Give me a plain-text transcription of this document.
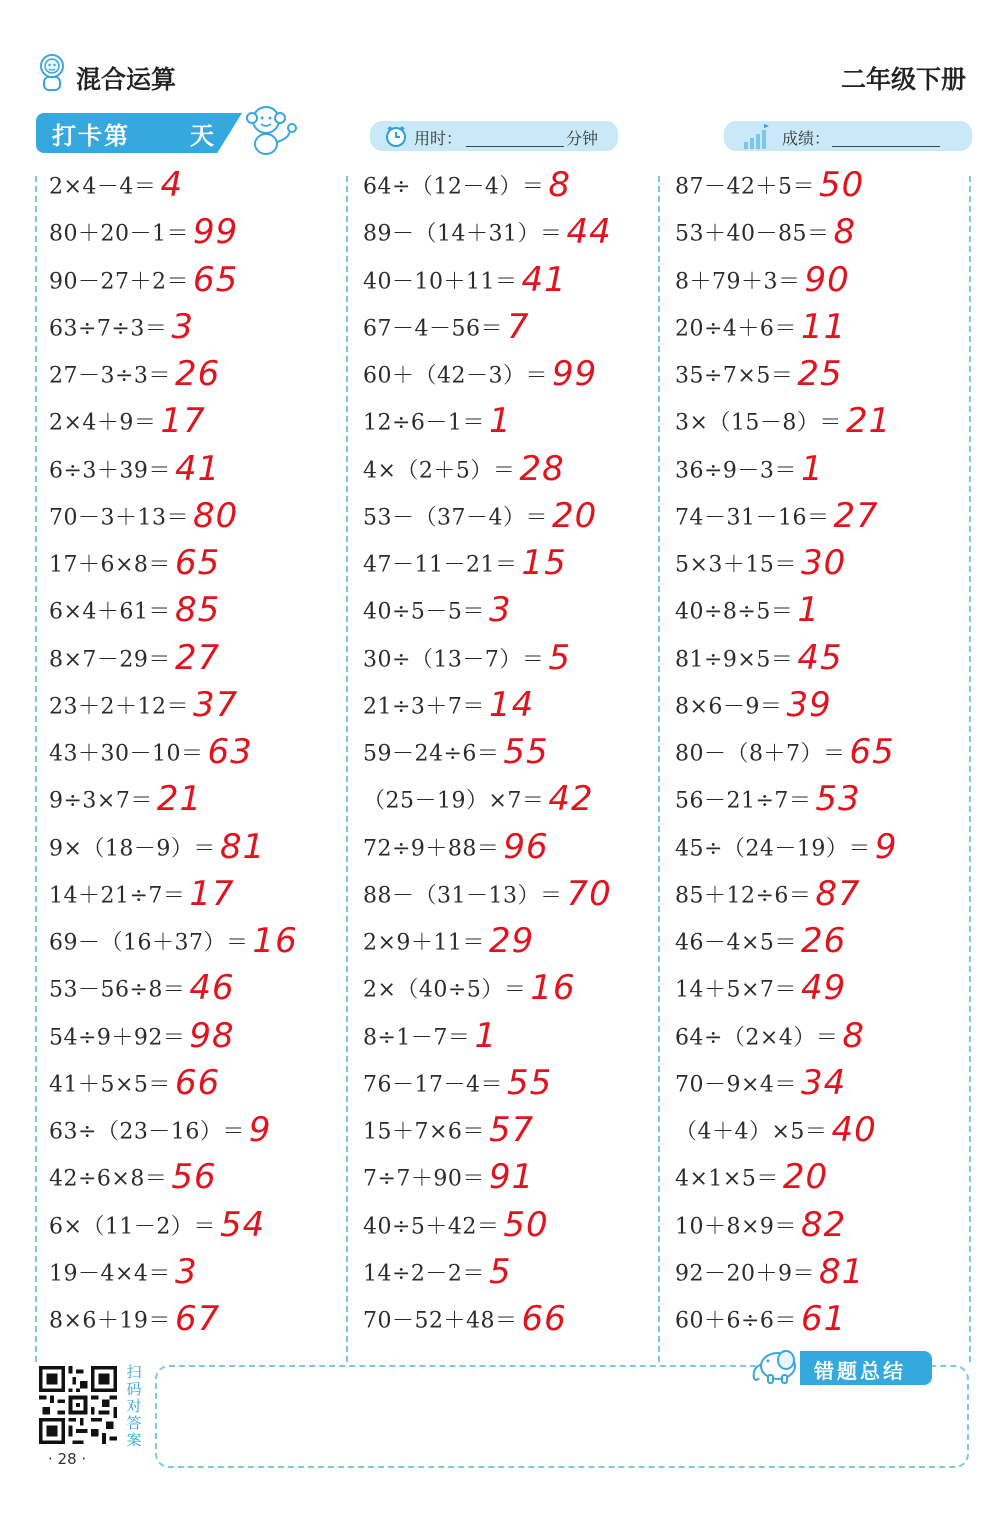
混合运算	二年级下册
打卡第	天	用时：	分钟	成绩：
2×4－4＝ 4
80＋20－1＝ 99
90－27＋2＝ 65
63÷7÷3＝ 3
27－3÷3＝ 26
2×4＋9＝ 17
6÷3＋39＝ 41
70－3＋13＝ 80
17＋6×8＝ 65
6×4＋61＝ 85
8×7－29＝ 27
23＋2＋12＝ 37
43＋30－10＝ 63
9÷3×7＝ 21
9×（18－9）＝ 81
14＋21÷7＝ 17
69－（16＋37）＝ 16
53－56÷8＝ 46
54÷9＋92＝ 98
41＋5×5＝ 66
63÷（23－16）＝ 9
42÷6×8＝ 56
6×（11－2）＝ 54
19－4×4＝ 3
8×6＋19＝ 67
64÷（12－4）＝ 8
89－（14＋31）＝ 44
40－10＋11＝ 41
67－4－56＝ 7
60＋（42－3）＝ 99
12÷6－1＝ 1
4×（2＋5）＝ 28
53－（37－4）＝ 20
47－11－21＝ 15
40÷5－5＝ 3
30÷（13－7）＝ 5
21÷3＋7＝ 14
59－24÷6＝ 55
（25－19）×7＝ 42
72÷9＋88＝ 96
88－（31－13）＝ 70
2×9＋11＝ 29
2×（40÷5）＝ 16
8÷1－7＝ 1
76－17－4＝ 55
15＋7×6＝ 57
7÷7＋90＝ 91
40÷5＋42＝ 50
14÷2－2＝ 5
70－52＋48＝ 66
87－42＋5＝ 50
53＋40－85＝ 8
8＋79＋3＝ 90
20÷4＋6＝ 11
35÷7×5＝ 25
3×（15－8）＝ 21
36÷9－3＝ 1
74－31－16＝ 27
5×3＋15＝ 30
40÷8÷5＝ 1
81÷9×5＝ 45
8×6－9＝ 39
80－（8＋7）＝ 65
56－21÷7＝ 53
45÷（24－19）＝ 9
85＋12÷6＝ 87
46－4×5＝ 26
14＋5×7＝ 49
64÷（2×4）＝ 8
70－9×4＝ 34
（4＋4）×5＝ 40
4×1×5＝ 20
10＋8×9＝ 82
92－20＋9＝ 81
60＋6÷6＝ 61
扫码对答案
· 28 ·
错题总结
